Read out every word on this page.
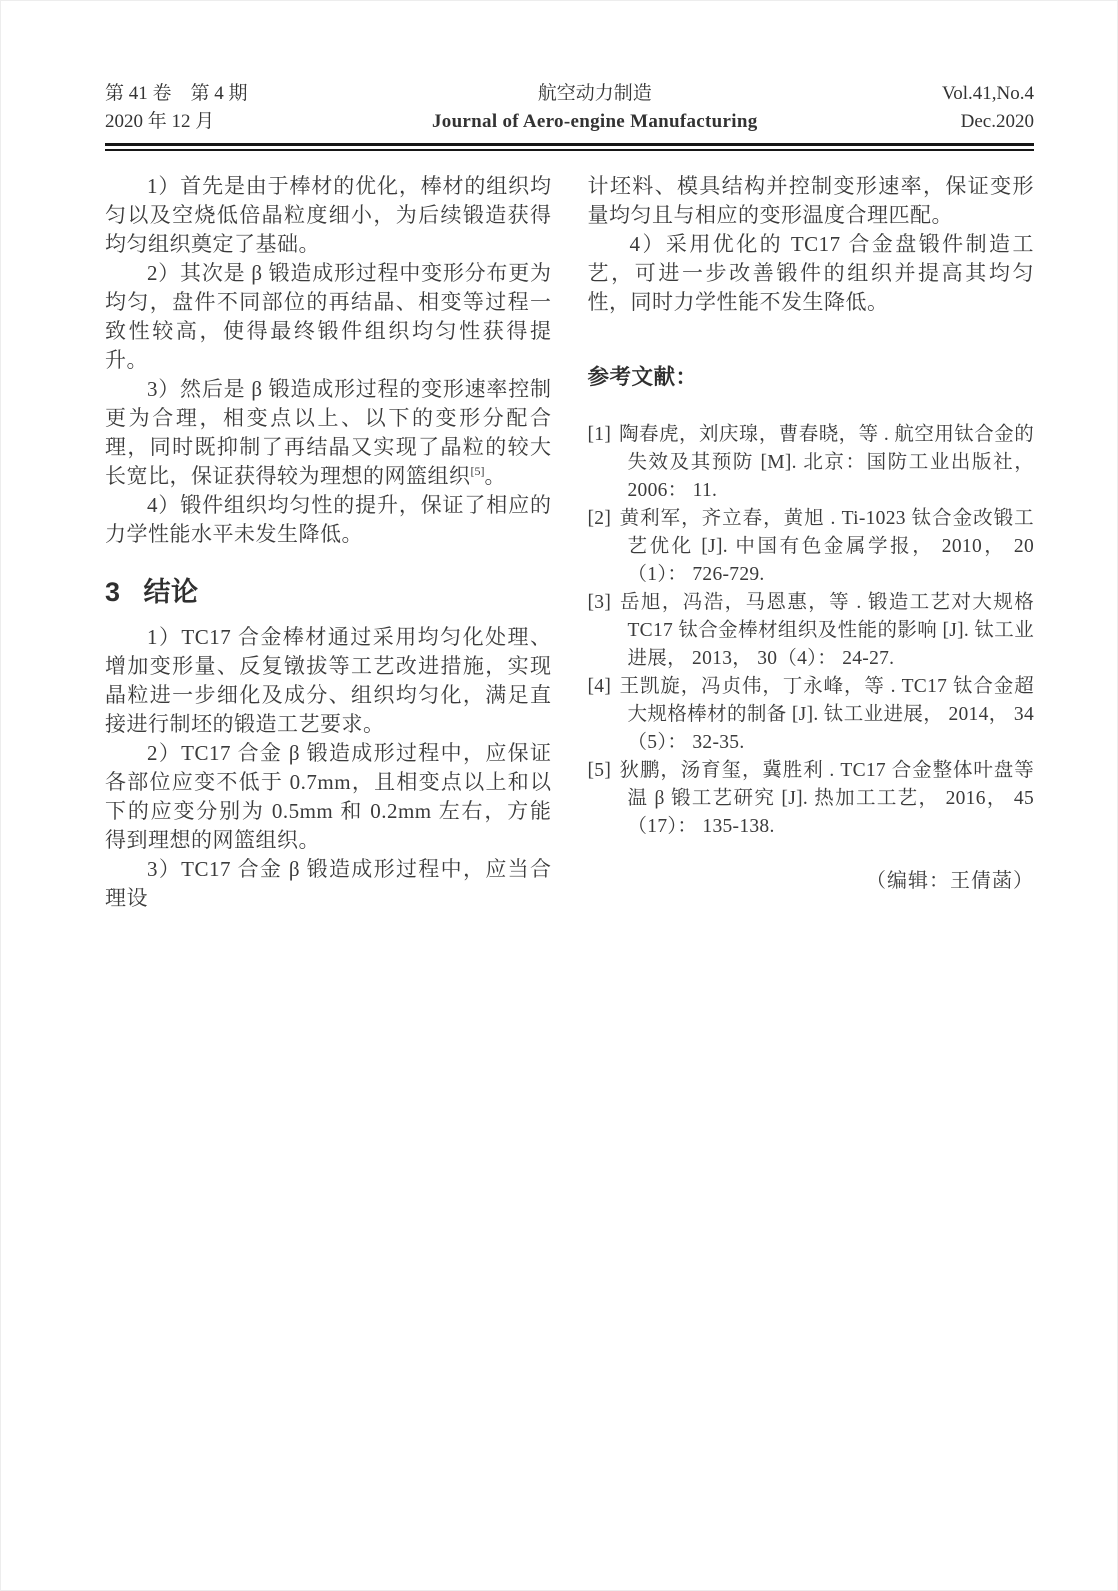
第 41 卷　第 4 期
2020 年 12 月
航空动力制造
Journal of Aero-engine Manufacturing
Vol.41,No.4
Dec.2020

1）首先是由于棒材的优化，棒材的组织均匀以及空烧低倍晶粒度细小，为后续锻造获得均匀组织奠定了基础。

2）其次是 β 锻造成形过程中变形分布更为均匀，盘件不同部位的再结晶、相变等过程一致性较高，使得最终锻件组织均匀性获得提升。

3）然后是 β 锻造成形过程的变形速率控制更为合理，相变点以上、以下的变形分配合理，同时既抑制了再结晶又实现了晶粒的较大长宽比，保证获得较为理想的网篮组织[5]。

4）锻件组织均匀性的提升，保证了相应的力学性能水平未发生降低。

3 结论

1）TC17 合金棒材通过采用均匀化处理、增加变形量、反复镦拔等工艺改进措施，实现晶粒进一步细化及成分、组织均匀化，满足直接进行制坯的锻造工艺要求。

2）TC17 合金 β 锻造成形过程中，应保证各部位应变不低于 0.7mm，且相变点以上和以下的应变分别为 0.5mm 和 0.2mm 左右，方能得到理想的网篮组织。

3）TC17 合金 β 锻造成形过程中，应当合理设

计坯料、模具结构并控制变形速率，保证变形量均匀且与相应的变形温度合理匹配。

4）采用优化的 TC17 合金盘锻件制造工艺，可进一步改善锻件的组织并提高其均匀性，同时力学性能不发生降低。

参考文献：
[1] 陶春虎，刘庆瑔，曹春晓，等 . 航空用钛合金的失效及其预防 [M]. 北京：国防工业出版社， 2006： 11.
[2] 黄利军，齐立春，黄旭 . Ti-1023 钛合金改锻工艺优化 [J]. 中国有色金属学报， 2010， 20（1）： 726-729.
[3] 岳旭，冯浩，马恩惠，等 . 锻造工艺对大规格 TC17 钛合金棒材组织及性能的影响 [J]. 钛工业进展， 2013， 30（4）： 24-27.
[4] 王凯旋，冯贞伟，丁永峰，等 . TC17 钛合金超大规格棒材的制备 [J]. 钛工业进展， 2014， 34（5）： 32-35.
[5] 狄鹏，汤育玺，冀胜利 . TC17 合金整体叶盘等温 β 锻工艺研究 [J]. 热加工工艺， 2016， 45（17）： 135-138.
（编辑：王倩菡）
